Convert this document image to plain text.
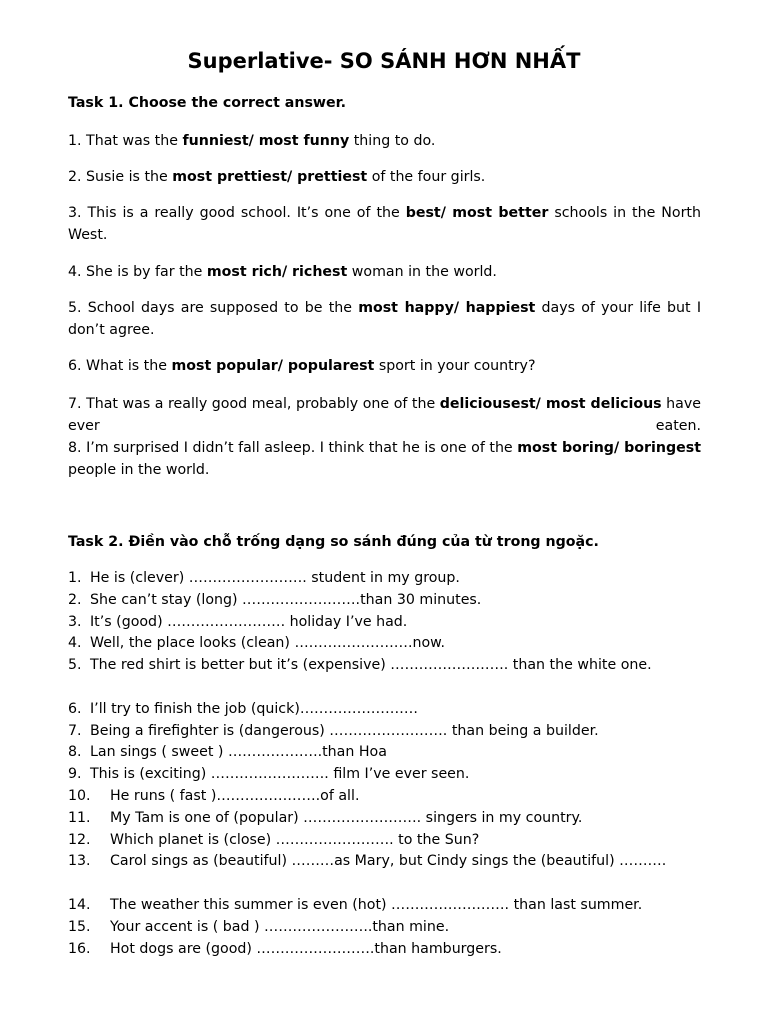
Superlative- SO SÁNH HƠN NHẤT
Task 1. Choose the correct answer.
1. That was the funniest/ most funny thing to do.
2. Susie is the most prettiest/ prettiest of the four girls.
3. This is a really good school. It’s one of the best/ most better schools in the North West.
4. She is by far the most rich/ richest woman in the world.
5. School days are supposed to be the most happy/ happiest days of your life but I don’t agree.
6. What is the most popular/ popularest sport in your country?
7. That was a really good meal, probably one of the deliciousest/ most delicious have ever eaten.
8. I’m surprised I didn’t fall asleep. I think that he is one of the most boring/ boringest people in the world.
Task 2. Điền vào chỗ trống dạng so sánh đúng của từ trong ngoặc.
1. He is (clever) ……………………. student in my group.
2. She can’t stay (long) …………………….than 30 minutes.
3. It’s (good) ……………………. holiday I’ve had.
4. Well, the place looks (clean) …………………….now.
5. The red shirt is better but it’s (expensive) ……………………. than the white one.
6. I’ll try to finish the job (quick)…………………….
7. Being a firefighter is (dangerous) ……………………. than being a builder.
8. Lan sings ( sweet ) ………………..than Hoa
9. This is (exciting) ……………………. film I’ve ever seen.
10. He runs ( fast )………………….of all.
11. My Tam is one of (popular) ……………………. singers in my country.
12. Which planet is (close) ……………………. to the Sun?
13.	Carol sings as (beautiful) ………as Mary, but Cindy sings the (beautiful) ……….
14. The weather this summer is even (hot) ……………………. than last summer.
15. Your accent is ( bad ) …………………..than mine.
16. Hot dogs are (good) …………………….than hamburgers.
